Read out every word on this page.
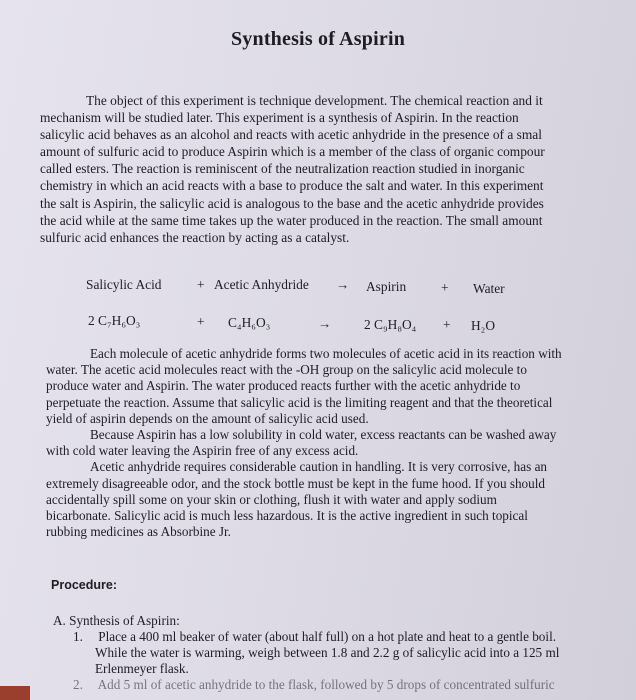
Synthesis of Aspirin
The object of this experiment is technique development. The chemical reaction and it
mechanism will be studied later. This experiment is a synthesis of Aspirin. In the reaction
salicylic acid behaves as an alcohol and reacts with acetic anhydride in the presence of a smal
amount of sulfuric acid to produce Aspirin which is a member of the class of organic compour
called esters. The reaction is reminiscent of the neutralization reaction studied in inorganic
chemistry in which an acid reacts with a base to produce the salt and water. In this experiment
the salt is Aspirin, the salicylic acid is analogous to the base and the acetic anhydride provides
the acid while at the same time takes up the water produced in the reaction. The small amount
sulfuric acid enhances the reaction by acting as a catalyst.
Salicylic Acid	+ Acetic Anhydride → Aspirin	+ Water
2 C₇H₆O₃	+ C₄H₆O₃	→ 2 C₉H₈O₄ + H₂O
Each molecule of acetic anhydride forms two molecules of acetic acid in its reaction with
water. The acetic acid molecules react with the -OH group on the salicylic acid molecule to
produce water and Aspirin. The water produced reacts further with the acetic anhydride to
perpetuate the reaction. Assume that salicylic acid is the limiting reagent and that the theoretical
yield of aspirin depends on the amount of salicylic acid used.
Because Aspirin has a low solubility in cold water, excess reactants can be washed away
with cold water leaving the Aspirin free of any excess acid.
Acetic anhydride requires considerable caution in handling. It is very corrosive, has an
extremely disagreeable odor, and the stock bottle must be kept in the fume hood. If you should
accidentally spill some on your skin or clothing, flush it with water and apply sodium
bicarbonate. Salicylic acid is much less hazardous. It is the active ingredient in such topical
rubbing medicines as Absorbine Jr.
Procedure:
A. Synthesis of Aspirin:
1. Place a 400 ml beaker of water (about half full) on a hot plate and heat to a gentle boil.
While the water is warming, weigh between 1.8 and 2.2 g of salicylic acid into a 125 ml
Erlenmeyer flask.
2. Add 5 ml of acetic anhydride to the flask, followed by 5 drops of concentrated sulfuric
